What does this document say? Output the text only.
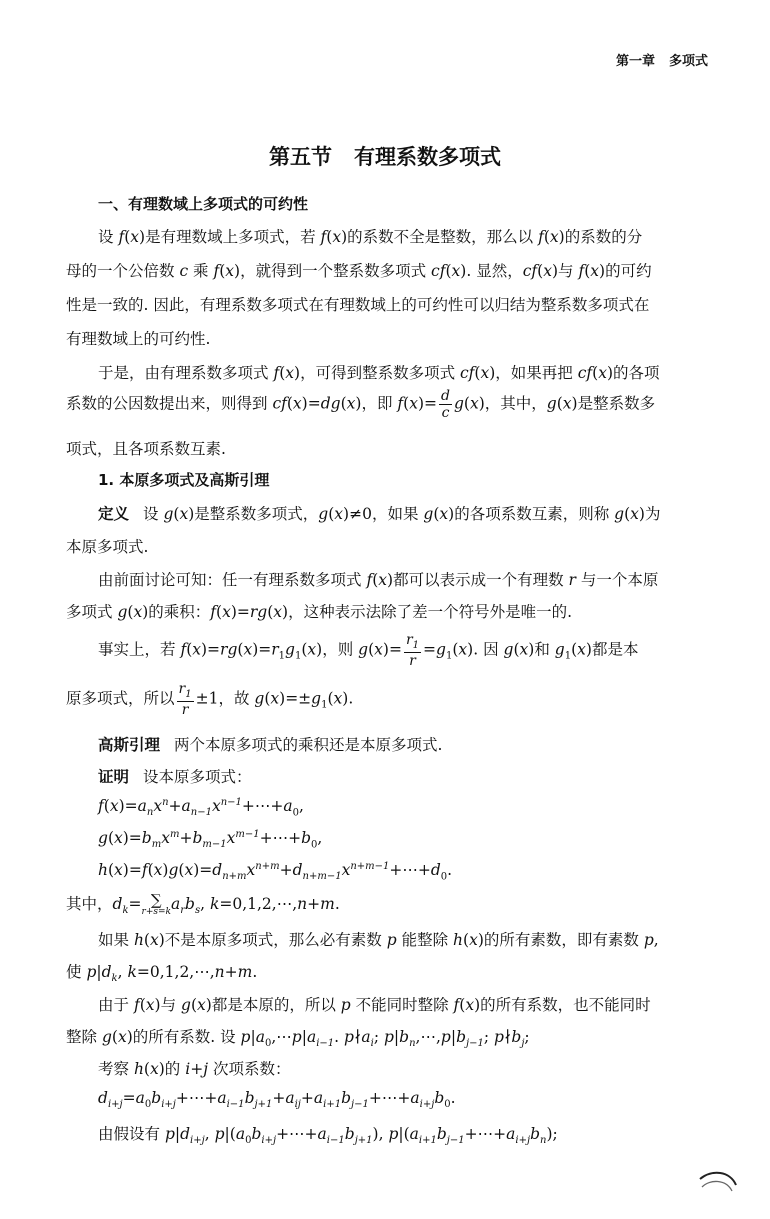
第一章 多项式
第五节 有理系数多项式
一、有理数域上多项式的可约性
设 f(x)是有理数域上多项式，若 f(x)的系数不全是整数，那么以 f(x)的系数的分
母的一个公倍数 c 乘 f(x)，就得到一个整系数多项式 cf(x). 显然，cf(x)与 f(x)的可约
性是一致的. 因此，有理系数多项式在有理数域上的可约性可以归结为整系数多项式在
有理数域上的可约性.
于是，由有理系数多项式 f(x)，可得到整系数多项式 cf(x)，如果再把 cf(x)的各项
系数的公因数提出来，则得到 cf(x)=dg(x)，即 $f(x)= \frac{d}{c} g(x)$，其中，g(x)是整系数多
项式，且各项系数互素.
1. 本原多项式及高斯引理
定义 设 g(x)是整系数多项式，g(x)≠0，如果 g(x)的各项系数互素，则称 g(x)为
本原多项式.
由前面讨论可知：任一有理系数多项式 f(x)都可以表示成一个有理数 r 与一个本原
多项式 g(x)的乘积：f(x)=rg(x)，这种表示法除了差一个符号外是唯一的.
事实上，若 $f(x)=rg(x)=r_1g_1(x)$，则 $g(x)= \frac{r_1}{r} =g_1(x)$. 因 g(x)和 $g_1(x)$都是本
原多项式，所以 $\frac{r_1}{r} \pm 1$，故 $g(x)=\pm g_1(x)$.
高斯引理 两个本原多项式的乘积还是本原多项式.
证明 设本原多项式：
$f(x)=a_nx^n+a_{n-1}x^{n-1}+\cdots+a_0$,
$g(x)=b_mx^m+b_{m-1}x^{m-1}+\cdots+b_0$,
$h(x)=f(x)g(x)=d_{n+m}x^{n+m}+d_{n+m-1}x^{n+m-1}+\cdots+d_0$.
其中，$d_k=$ ∑
r+s=k $a_rb_s$, k=0,1,2,⋯,n+m.
如果 h(x)不是本原多项式，那么必有素数 p 能整除 h(x)的所有素数，即有素数 p,
使 $p|d_k$, k=0,1,2,⋯,n+m.
由于 f(x)与 g(x)都是本原的，所以 p 不能同时整除 f(x)的所有系数，也不能同时
整除 g(x)的所有系数. 设 $p|a_0,\cdots p|a_{i-1}$. $p∤a_i$; $p|b_n,\cdots,p|b_{j-1}$; $p∤b_j$;
考察 h(x)的 i+j 次项系数：
$d_{i+j}=a_0b_{i+j}+\cdots+a_{i-1}b_{j+1}+a_{ij}+a_{i+1}b_{j-1}+\cdots+a_{i+j}b_0$.
由假设有 $p|d_{i+j}$, $p|(a_0b_{i+j}+\cdots+a_{i-1}b_{j+1})$, $p|(a_{i+1}b_{j-1}+\cdots+a_{i+j}b_n)$;
